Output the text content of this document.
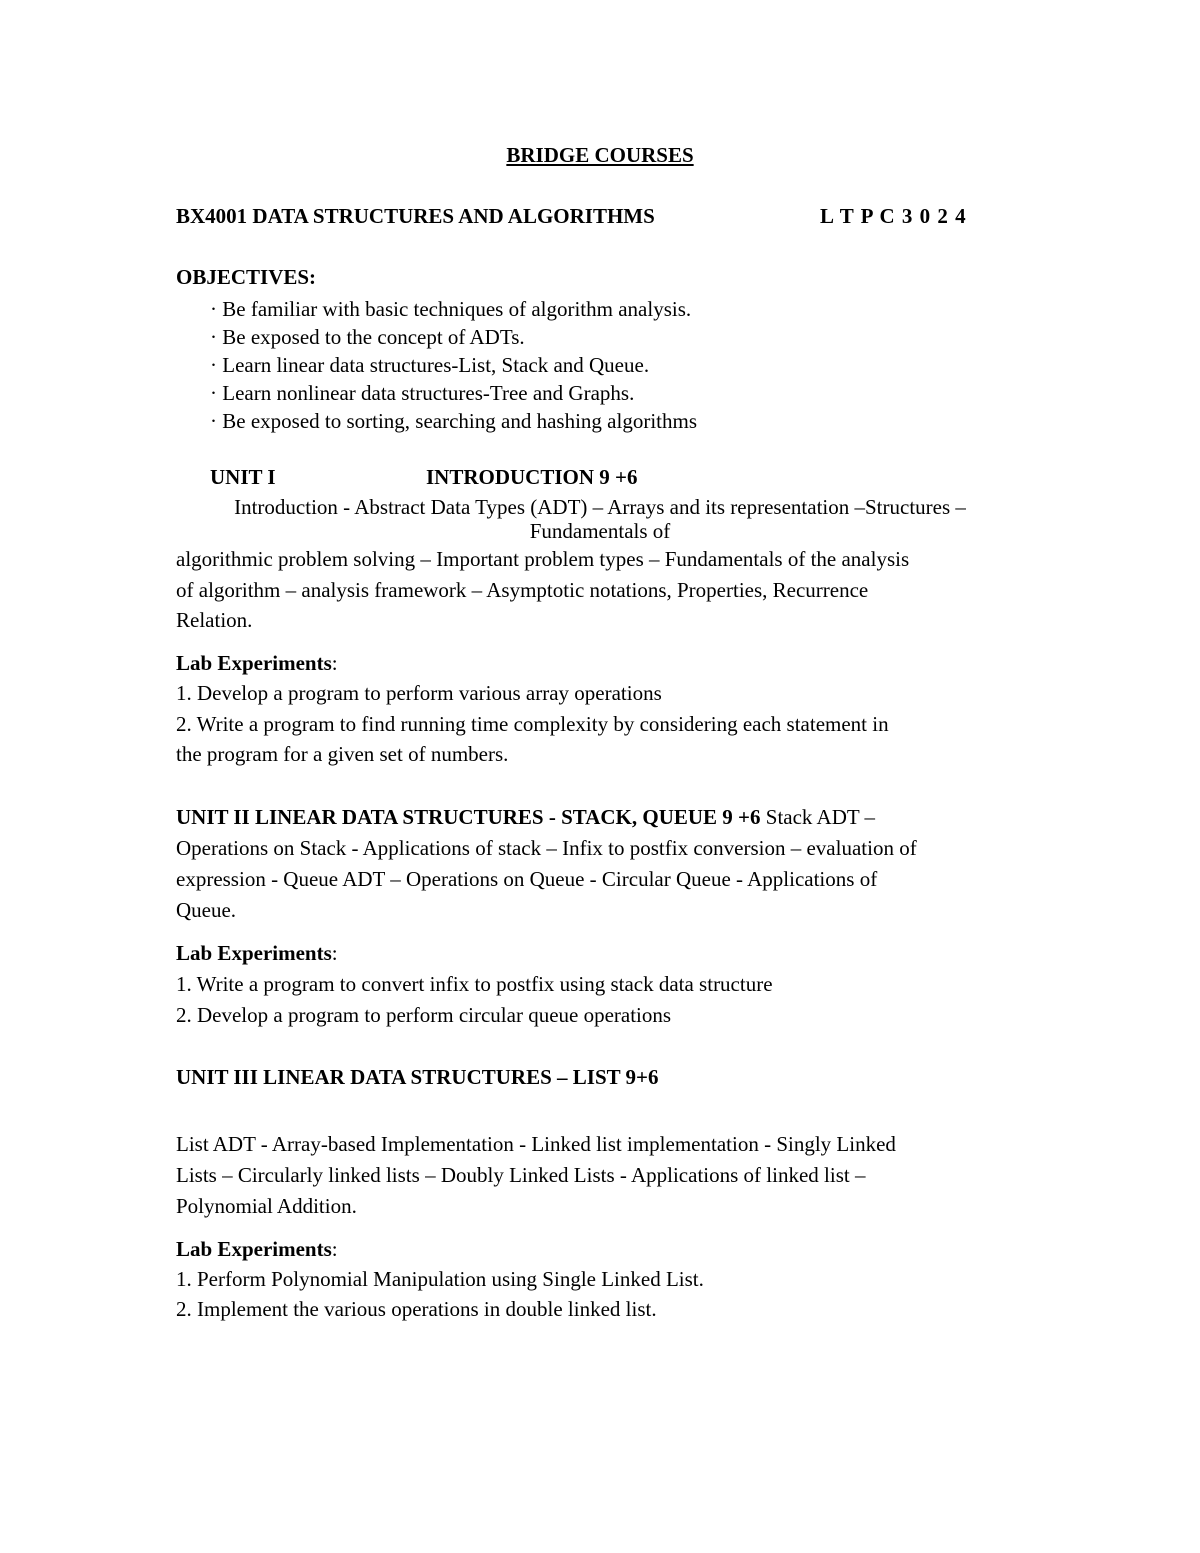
BRIDGE COURSES
BX4001 DATA STRUCTURES AND ALGORITHMS	L T P C 3 0 2 4
OBJECTIVES:
· Be familiar with basic techniques of algorithm analysis.
· Be exposed to the concept of ADTs.
· Learn linear data structures-List, Stack and Queue.
· Learn nonlinear data structures-Tree and Graphs.
· Be exposed to sorting, searching and hashing algorithms
UNIT I	INTRODUCTION 9 +6
Introduction - Abstract Data Types (ADT) – Arrays and its representation –Structures –
Fundamentals of
algorithmic problem solving – Important problem types – Fundamentals of the analysis
of algorithm – analysis framework – Asymptotic notations, Properties, Recurrence
Relation.
Lab Experiments:
1. Develop a program to perform various array operations
2. Write a program to find running time complexity by considering each statement in
the program for a given set of numbers.
UNIT II LINEAR DATA STRUCTURES - STACK, QUEUE 9 +6 Stack ADT –
Operations on Stack - Applications of stack – Infix to postfix conversion – evaluation of
expression - Queue ADT – Operations on Queue - Circular Queue - Applications of
Queue.
Lab Experiments:
1. Write a program to convert infix to postfix using stack data structure
2. Develop a program to perform circular queue operations
UNIT III LINEAR DATA STRUCTURES – LIST 9+6
List ADT - Array-based Implementation - Linked list implementation - Singly Linked
Lists – Circularly linked lists – Doubly Linked Lists - Applications of linked list –
Polynomial Addition.
Lab Experiments:
1. Perform Polynomial Manipulation using Single Linked List.
2. Implement the various operations in double linked list.
